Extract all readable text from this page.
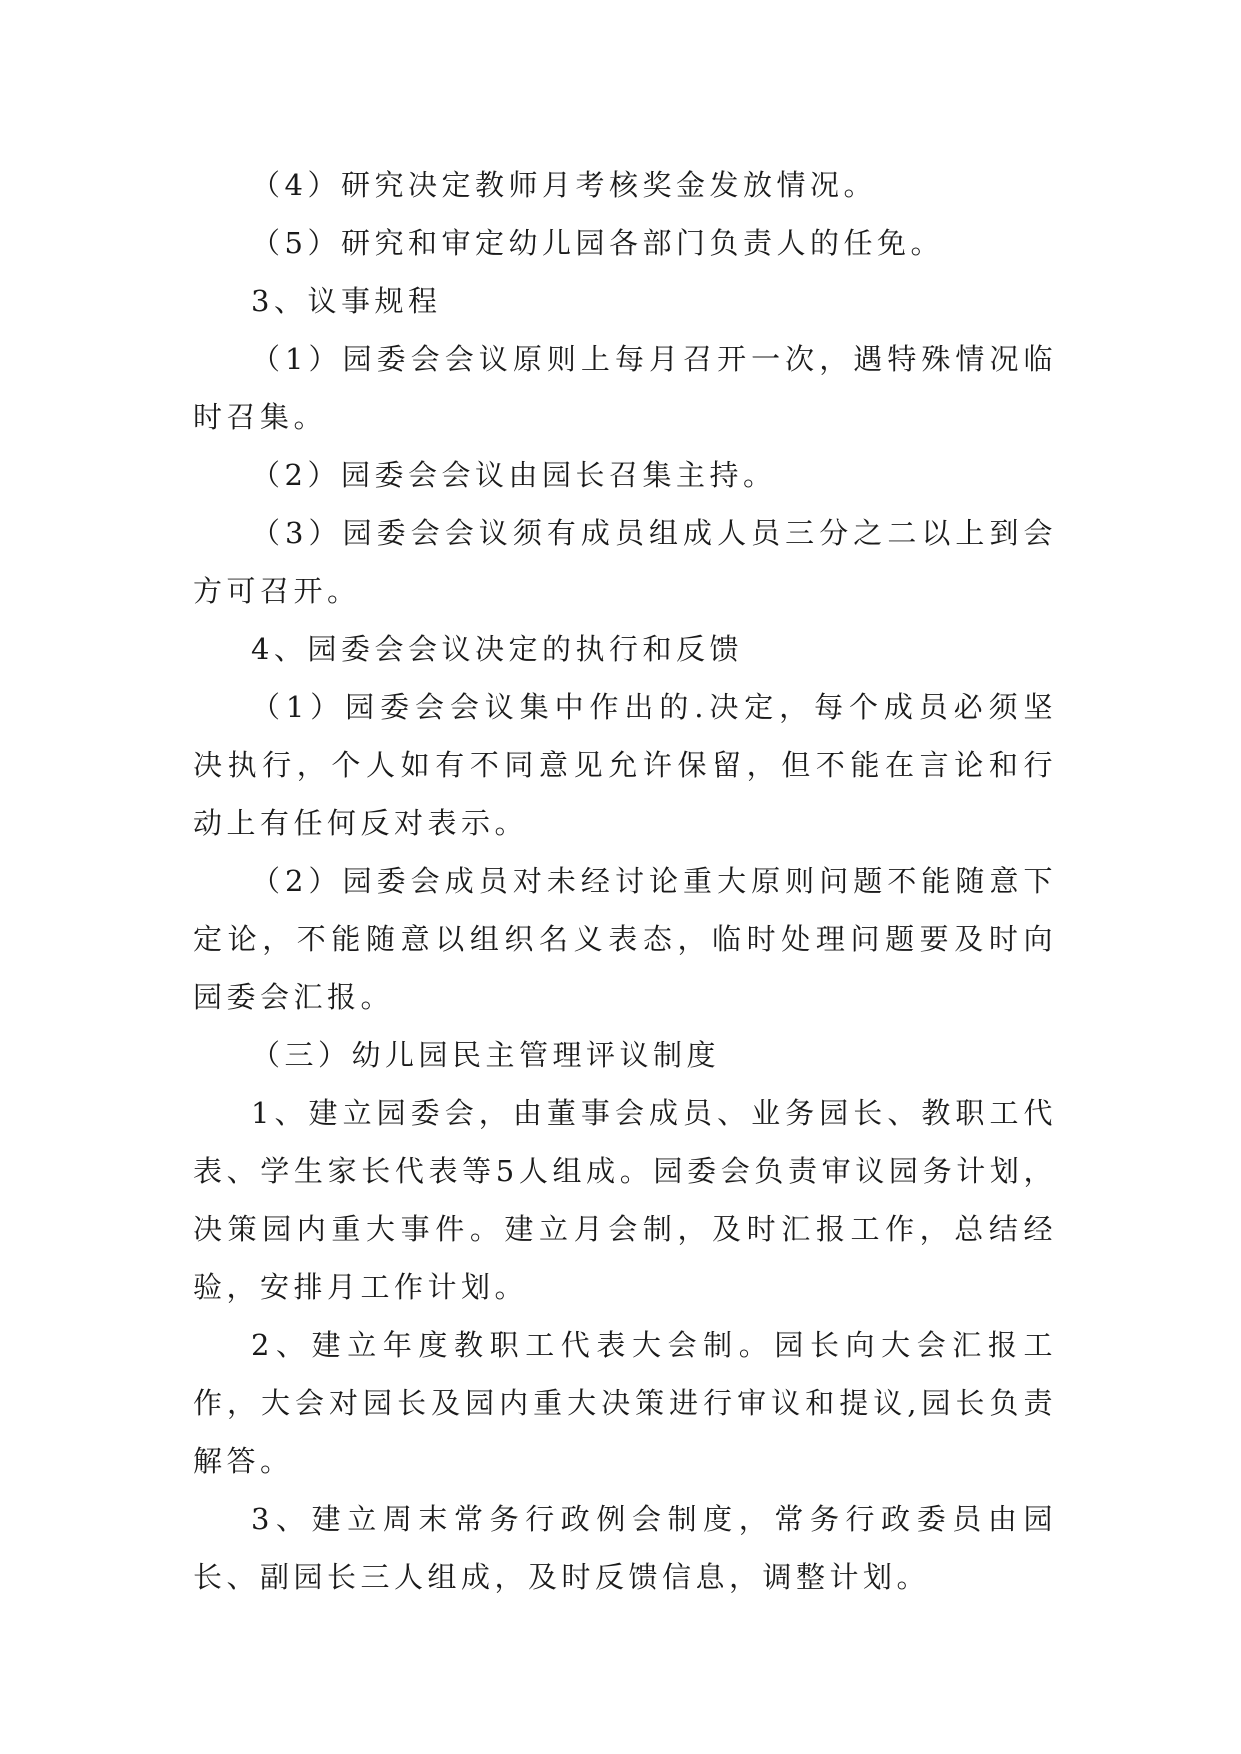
（4）研究决定教师月考核奖金发放情况。

（5）研究和审定幼儿园各部门负责人的任免。

3、议事规程

（1）园委会会议原则上每月召开一次，遇特殊情况临时召集。

（2）园委会会议由园长召集主持。

（3）园委会会议须有成员组成人员三分之二以上到会方可召开。

4、园委会会议决定的执行和反馈

（1）园委会会议集中作出的.决定，每个成员必须坚决执行，个人如有不同意见允许保留，但不能在言论和行动上有任何反对表示。

（2）园委会成员对未经讨论重大原则问题不能随意下定论，不能随意以组织名义表态，临时处理问题要及时向园委会汇报。

（三）幼儿园民主管理评议制度

1、建立园委会，由董事会成员、业务园长、教职工代表、学生家长代表等5人组成。园委会负责审议园务计划，决策园内重大事件。建立月会制，及时汇报工作，总结经验，安排月工作计划。

2、建立年度教职工代表大会制。园长向大会汇报工作，大会对园长及园内重大决策进行审议和提议,园长负责解答。

3、建立周末常务行政例会制度，常务行政委员由园长、副园长三人组成，及时反馈信息，调整计划。
